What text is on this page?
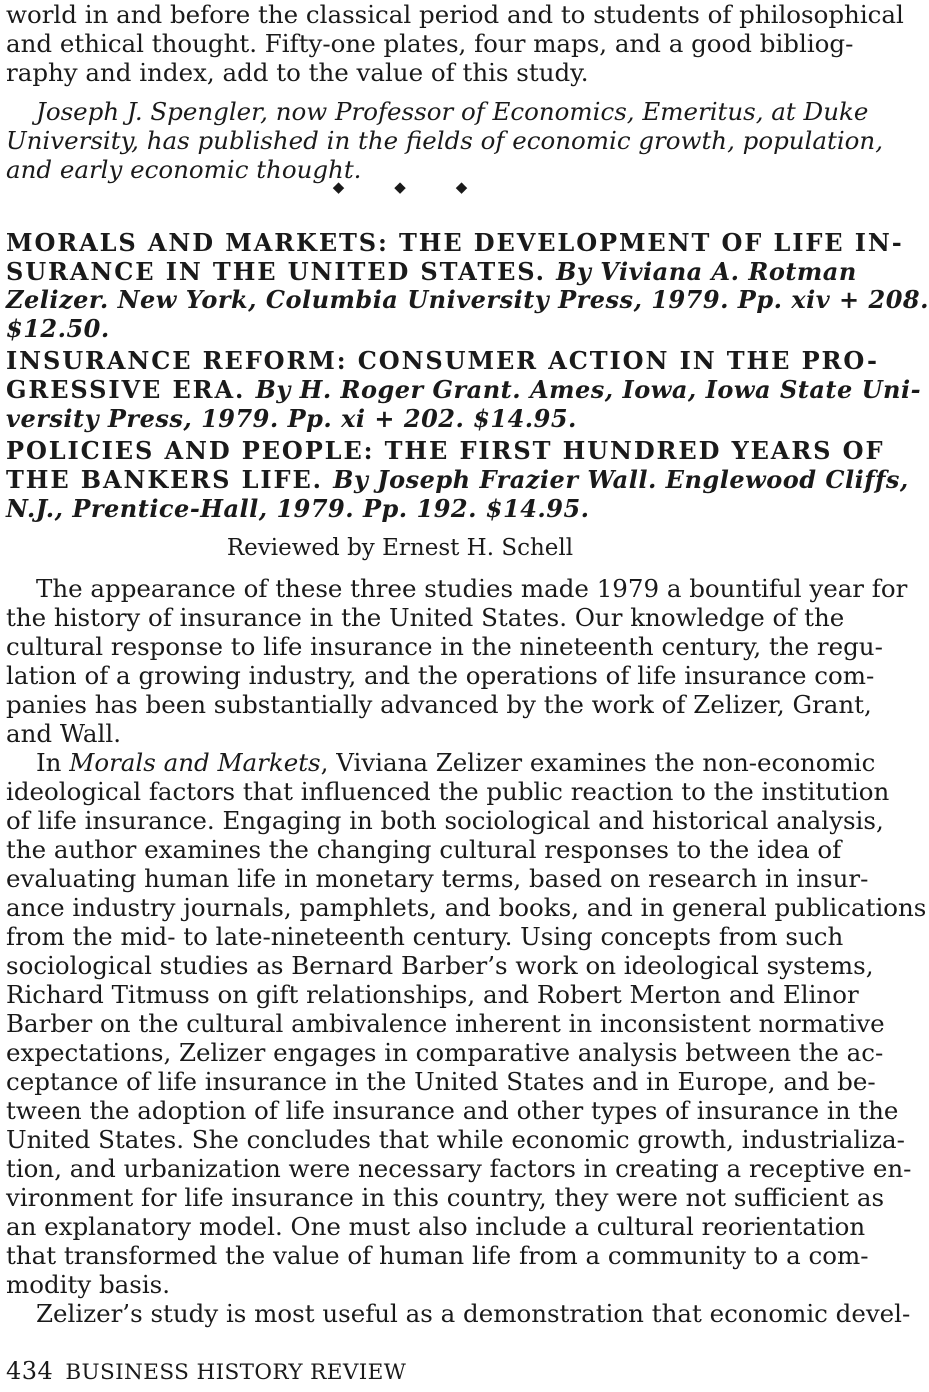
world in and before the classical period and to students of philosophical
and ethical thought. Fifty-one plates, four maps, and a good bibliog-
raphy and index, add to the value of this study.
Joseph J. Spengler, now Professor of Economics, Emeritus, at Duke
University, has published in the fields of economic growth, population,
and early economic thought.
◆◆◆
MORALS AND MARKETS: THE DEVELOPMENT OF LIFE IN-
SURANCE IN THE UNITED STATES. By Viviana A. Rotman
Zelizer. New York, Columbia University Press, 1979. Pp. xiv + 208.
$12.50.
INSURANCE REFORM: CONSUMER ACTION IN THE PRO-
GRESSIVE ERA. By H. Roger Grant. Ames, Iowa, Iowa State Uni-
versity Press, 1979. Pp. xi + 202. $14.95.
POLICIES AND PEOPLE: THE FIRST HUNDRED YEARS OF
THE BANKERS LIFE. By Joseph Frazier Wall. Englewood Cliffs,
N.J., Prentice-Hall, 1979. Pp. 192. $14.95.
Reviewed by Ernest H. Schell
The appearance of these three studies made 1979 a bountiful year for
the history of insurance in the United States. Our knowledge of the
cultural response to life insurance in the nineteenth century, the regu-
lation of a growing industry, and the operations of life insurance com-
panies has been substantially advanced by the work of Zelizer, Grant,
and Wall.
In Morals and Markets, Viviana Zelizer examines the non-economic
ideological factors that influenced the public reaction to the institution
of life insurance. Engaging in both sociological and historical analysis,
the author examines the changing cultural responses to the idea of
evaluating human life in monetary terms, based on research in insur-
ance industry journals, pamphlets, and books, and in general publications
from the mid- to late-nineteenth century. Using concepts from such
sociological studies as Bernard Barber’s work on ideological systems,
Richard Titmuss on gift relationships, and Robert Merton and Elinor
Barber on the cultural ambivalence inherent in inconsistent normative
expectations, Zelizer engages in comparative analysis between the ac-
ceptance of life insurance in the United States and in Europe, and be-
tween the adoption of life insurance and other types of insurance in the
United States. She concludes that while economic growth, industrializa-
tion, and urbanization were necessary factors in creating a receptive en-
vironment for life insurance in this country, they were not sufficient as
an explanatory model. One must also include a cultural reorientation
that transformed the value of human life from a community to a com-
modity basis.
Zelizer’s study is most useful as a demonstration that economic devel-
434 BUSINESS HISTORY REVIEW
